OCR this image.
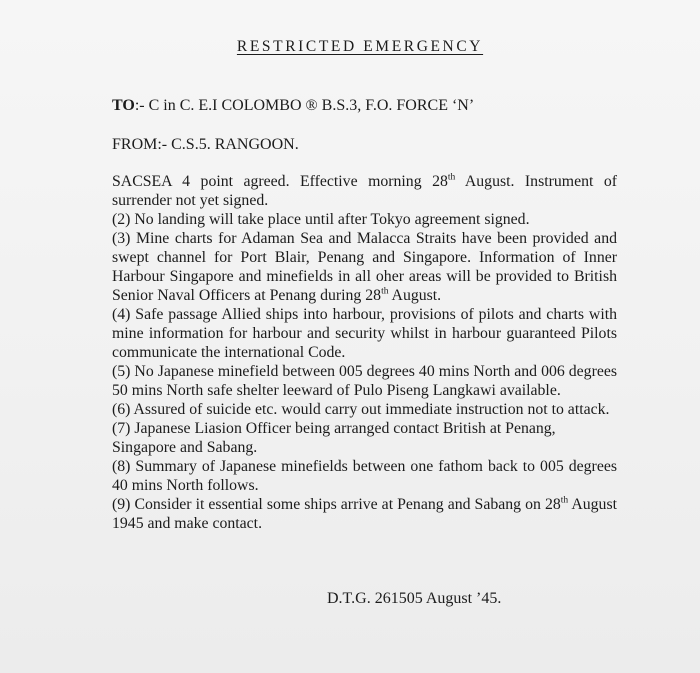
RESTRICTED EMERGENCY
TO:- C in C. E.I COLOMBO ® B.S.3, F.O. FORCE ‘N’
FROM:- C.S.5. RANGOON.

SACSEA 4 point agreed. Effective morning 28th August. Instrument of surrender not yet signed.

(2) No landing will take place until after Tokyo agreement signed.

(3) Mine charts for Adaman Sea and Malacca Straits have been provided and swept channel for Port Blair, Penang and Singapore. Information of Inner Harbour Singapore and minefields in all oher areas will be provided to British Senior Naval Officers at Penang during 28th August.

(4) Safe passage Allied ships into harbour, provisions of pilots and charts with mine information for harbour and security whilst in harbour guaranteed Pilots communicate the international Code.

(5) No Japanese minefield between 005 degrees 40 mins North and 006 degrees 50 mins North safe shelter leeward of Pulo Piseng Langkawi available.

(6) Assured of suicide etc. would carry out immediate instruction not to attack.

(7) Japanese Liasion Officer being arranged contact British at Penang, Singapore and Sabang.

(8) Summary of Japanese minefields between one fathom back to 005 degrees 40 mins North follows.

(9) Consider it essential some ships arrive at Penang and Sabang on 28th August 1945 and make contact.

D.T.G. 261505 August ’45.
